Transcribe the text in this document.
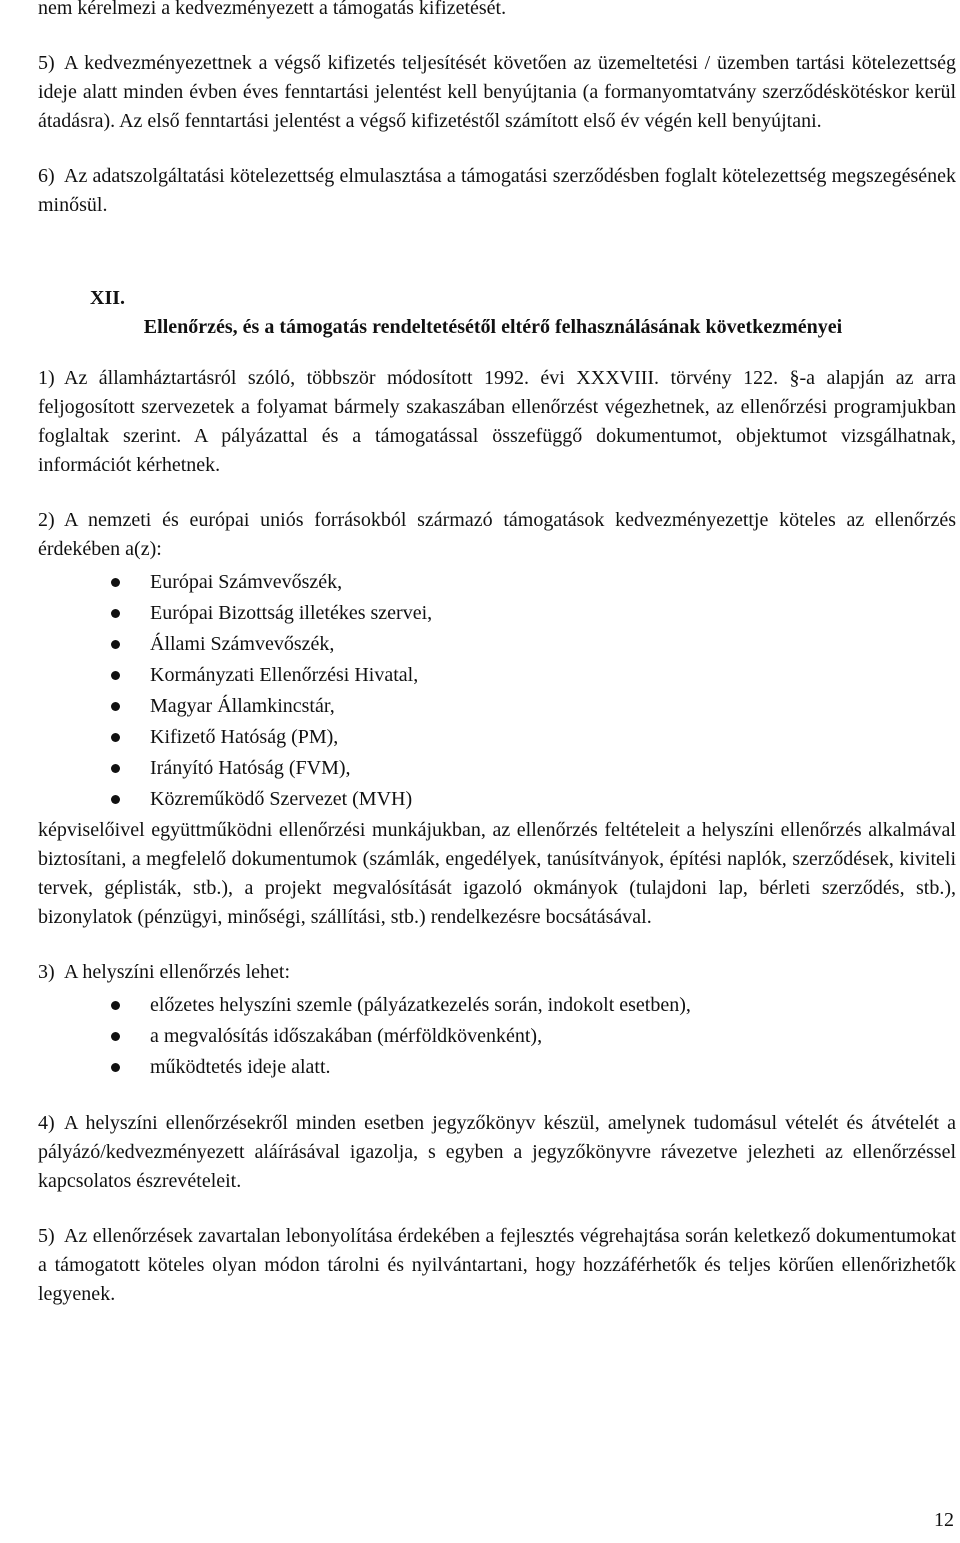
nem kérelmezi a kedvezményezett a támogatás kifizetését.

5) A kedvezményezettnek a végső kifizetés teljesítését követően az üzemeltetési / üzemben tartási kötelezettség ideje alatt minden évben éves fenntartási jelentést kell benyújtania (a formanyomtatvány szerződéskötéskor kerül átadásra). Az első fenntartási jelentést a végső kifizetéstől számított első év végén kell benyújtani.

6) Az adatszolgáltatási kötelezettség elmulasztása a támogatási szerződésben foglalt kötelezettség megszegésének minősül.

XII.

Ellenőrzés, és a támogatás rendeltetésétől eltérő felhasználásának következményei

1) Az államháztartásról szóló, többször módosított 1992. évi XXXVIII. törvény 122. §-a alapján az arra feljogosított szervezetek a folyamat bármely szakaszában ellenőrzést végezhetnek, az ellenőrzési programjukban foglaltak szerint. A pályázattal és a támogatással összefüggő dokumentumot, objektumot vizsgálhatnak, információt kérhetnek.

2) A nemzeti és európai uniós forrásokból származó támogatások kedvezményezettje köteles az ellenőrzés érdekében a(z):

Európai Számvevőszék,
Európai Bizottság illetékes szervei,
Állami Számvevőszék,
Kormányzati Ellenőrzési Hivatal,
Magyar Államkincstár,
Kifizető Hatóság (PM),
Irányító Hatóság (FVM),
Közreműködő Szervezet (MVH)

képviselőivel együttműködni ellenőrzési munkájukban, az ellenőrzés feltételeit a helyszíni ellenőrzés alkalmával biztosítani, a megfelelő dokumentumok (számlák, engedélyek, tanúsítványok, építési naplók, szerződések, kiviteli tervek, géplisták, stb.), a projekt megvalósítását igazoló okmányok (tulajdoni lap, bérleti szerződés, stb.), bizonylatok (pénzügyi, minőségi, szállítási, stb.) rendelkezésre bocsátásával.

3) A helyszíni ellenőrzés lehet:

előzetes helyszíni szemle (pályázatkezelés során, indokolt esetben),
a megvalósítás időszakában (mérföldkövenként),
működtetés ideje alatt.

4) A helyszíni ellenőrzésekről minden esetben jegyzőkönyv készül, amelynek tudomásul vételét és átvételét a pályázó/kedvezményezett aláírásával igazolja, s egyben a jegyzőkönyvre rávezetve jelezheti az ellenőrzéssel kapcsolatos észrevételeit.

5) Az ellenőrzések zavartalan lebonyolítása érdekében a fejlesztés végrehajtása során keletkező dokumentumokat a támogatott köteles olyan módon tárolni és nyilvántartani, hogy hozzáférhetők és teljes körűen ellenőrizhetők legyenek.

12
